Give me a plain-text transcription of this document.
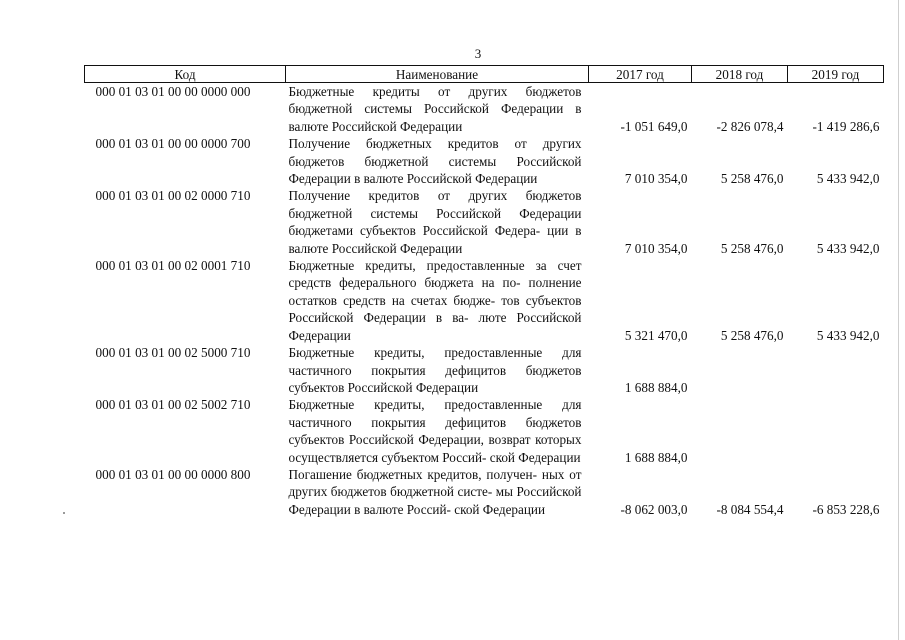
3
Код	Наименование	2017 год	2018 год	2019 год
000 01 03 01 00 00 0000 000	Бюджетные кредиты от других бюджетов бюджетной системы Российской Федерации в валюте Российской Федерации	-1 051 649,0	-2 826 078,4	-1 419 286,6
000 01 03 01 00 00 0000 700	Получение бюджетных кредитов от других бюджетов бюджетной системы Российской Федерации в валюте Российской Федерации	7 010 354,0	5 258 476,0	5 433 942,0
000 01 03 01 00 02 0000 710	Получение кредитов от других бюджетов бюджетной системы Российской Федерации бюджетами субъектов Российской Федера- ции в валюте Российской Федерации	7 010 354,0	5 258 476,0	5 433 942,0
000 01 03 01 00 02 0001 710	Бюджетные кредиты, предоставленные за счет средств федерального бюджета на по- полнение остатков средств на счетах бюдже- тов субъектов Российской Федерации в ва- люте Российской Федерации	5 321 470,0	5 258 476,0	5 433 942,0
000 01 03 01 00 02 5000 710	Бюджетные кредиты, предоставленные для частичного покрытия дефицитов бюджетов субъектов Российской Федерации	1 688 884,0		
000 01 03 01 00 02 5002 710	Бюджетные кредиты, предоставленные для частичного покрытия дефицитов бюджетов субъектов Российской Федерации, возврат которых осуществляется субъектом Россий- ской Федерации	1 688 884,0		
000 01 03 01 00 00 0000 800	Погашение бюджетных кредитов, получен- ных от других бюджетов бюджетной систе- мы Российской Федерации в валюте Россий- ской Федерации	-8 062 003,0	-8 084 554,4	-6 853 228,6
